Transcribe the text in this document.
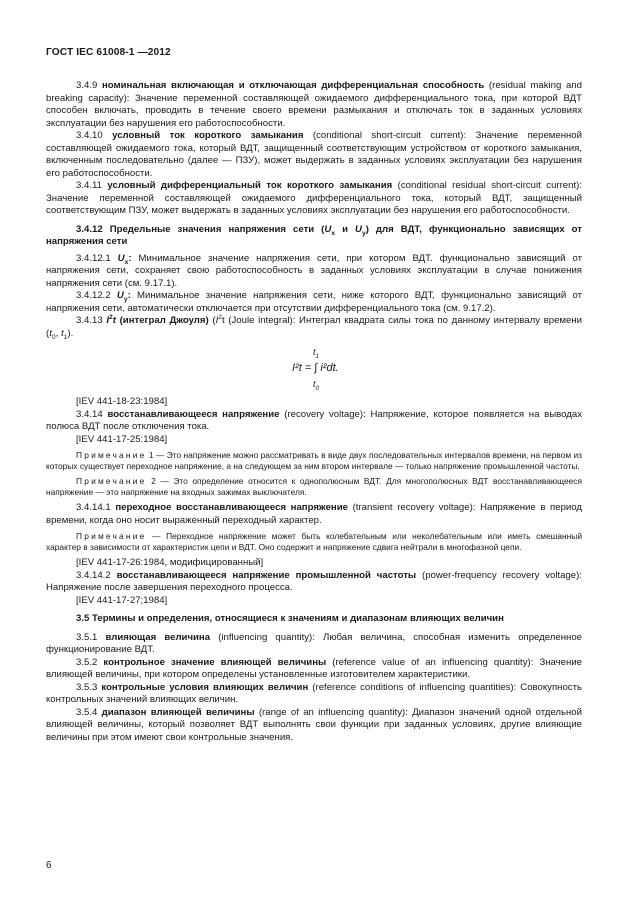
ГОСТ IEC 61008-1 —2012

3.4.9 номинальная включающая и отключающая дифференциальная способность (residual making and breaking capacity): Значение переменной составляющей ожидаемого дифференциального тока, при которой ВДТ способен включать, проводить в течение своего времени размыкания и отключать ток в заданных условиях эксплуатации без нарушения его работоспособности.

3.4.10 условный ток короткого замыкания (conditional short-circuit current): Значение переменной составляющей ожидаемого тока, который ВДТ, защищенный соответствующим устройством от короткого замыкания, включенным последовательно (далее — ПЗУ), может выдержать в заданных условиях эксплуатации без нарушения его работоспособности.

3.4.11 условный дифференциальный ток короткого замыкания (conditional residual short-circuit current): Значение переменной составляющей ожидаемого дифференциального тока, который ВДТ, защищенный соответствующим ПЗУ, может выдержать в заданных условиях эксплуатации без нарушения его работоспособности.

3.4.12 Предельные значения напряжения сети ($U_x$ и $U_y$) для ВДТ, функционально зависящих от напряжения сети

3.4.12.1 $U_x$: Минимальное значение напряжения сети, при котором ВДТ. функционально зависящий от напряжения сети, сохраняет свою работоспособность в заданных условиях эксплуатации в случае понижения напряжения сети (см. 9.17.1).

3.4.12.2 $U_y$: Минимальное значение напряжения сети, ниже которого ВДТ, функционально зависящий от напряжения сети, автоматически отключается при отсутствии дифференциального тока (см. 9.17.2).

3.4.13 $I^2t$ (интеграл Джоуля) ($I^2t$ (Joule integral): Интеграл квадрата силы тока по данному интервалу времени ($t_0$, $t_1$).

$t_1$
I²t = ∫ i²dt.
$t_0$

[IEV 441-18-23:1984]

3.4.14 восстанавливающееся напряжение (recovery voltage): Напряжение, которое появляется на выводах полюса ВДТ после отключения тока.

[IEV 441-17-25:1984]

Примечание 1 — Это напряжение можно рассматривать в виде двух последовательных интервалов времени, на первом из которых существует переходное напряжение, а на следующем за ним втором интервале — только напряжение промышленной частоты.

Примечание 2 — Это определение относится к однополюсным ВДТ. Для многополюсных ВДТ восстанавливающееся напряжение — это напряжение на входных зажимах выключателя.

3.4.14.1 переходное восстанавливающееся напряжение (transient recovery voltage): Напряжение в период времени, когда оно носит выраженный переходный характер.

Примечание — Переходное напряжение может быть колебательным или неколебательным или иметь смешанный характер в зависимости от характеристик цепи и ВДТ. Оно содержит и напряжение сдвига нейтрали в многофазной цепи.

[IEV 441-17-26:1984, модифицированный]

3.4.14.2 восстанавливающееся напряжение промышленной частоты (power-frequency recovery voltage): Напряжение после завершения переходного процесса.

[IEV 441-17-27;1984]

3.5 Термины и определения, относящиеся к значениям и диапазонам влияющих величин

3.5.1 влияющая величина (influencing quantity): Любая величина, способная изменить определенное функционирование ВДТ.

3.5.2 контрольное значение влияющей величины (reference value of an influencing quantity): Значение влияющей величины, при котором определены установленные изготовителем характеристики.

3.5.3 контрольные условия влияющих величин (reference conditions of influencing quantities): Совокупность контрольных значений влияющих величин.

3.5.4 диапазон влияющей величины (range of an influencing quantity): Диапазон значений одной отдельной влияющей величины, который позволяет ВДТ выполнять свои функции при заданных условиях, другие влияющие величины при этом имеют свои контрольные значения.

6
